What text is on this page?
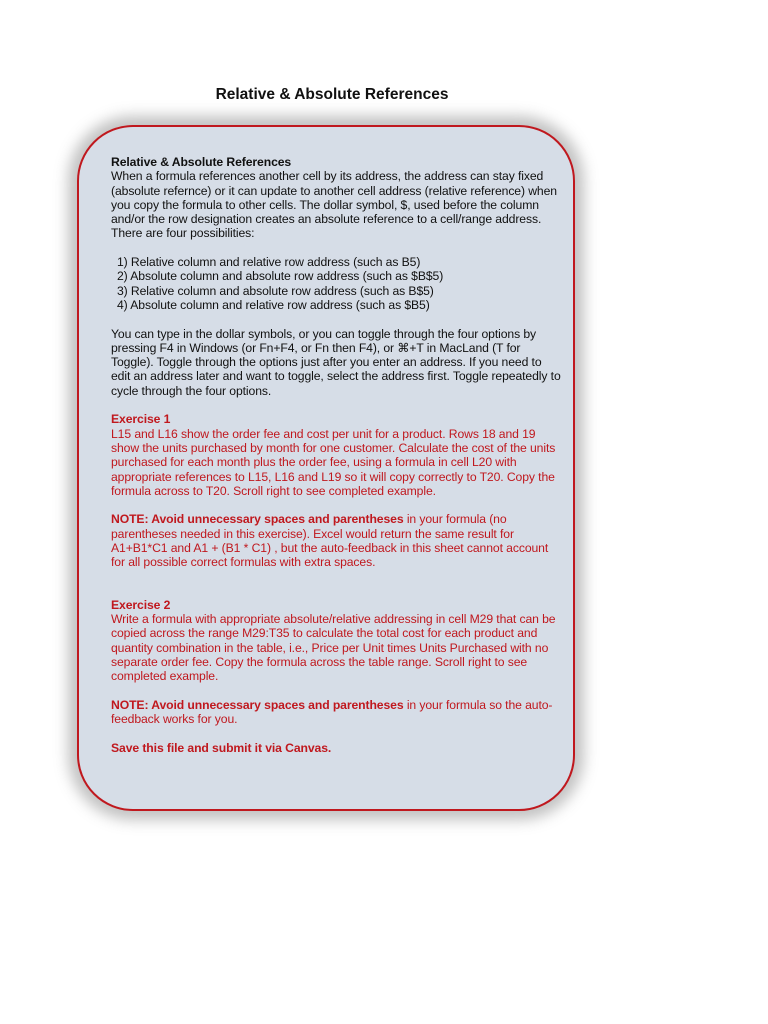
Relative & Absolute References

Relative & Absolute References
When a formula references another cell by its address, the address can stay fixed (absolute refernce) or it can update to another cell address (relative reference) when you copy the formula to other cells. The dollar symbol, $, used before the column and/or the row designation creates an absolute reference to a cell/range address. There are four possibilities:

1) Relative column and relative row address (such as B5)
2) Absolute column and absolute row address (such as $B$5)
3) Relative column and absolute row address (such as B$5)
4) Absolute column and relative row address (such as $B5)

You can type in the dollar symbols, or you can toggle through the four options by pressing F4 in Windows (or Fn+F4, or Fn then F4), or ⌘+T in MacLand (T for Toggle). Toggle through the options just after you enter an address. If you need to edit an address later and want to toggle, select the address first. Toggle repeatedly to cycle through the four options.

Exercise 1
L15 and L16 show the order fee and cost per unit for a product. Rows 18 and 19 show the units purchased by month for one customer. Calculate the cost of the units purchased for each month plus the order fee, using a formula in cell L20 with appropriate references to L15, L16 and L19 so it will copy correctly to T20. Copy the formula across to T20. Scroll right to see completed example.

NOTE: Avoid unnecessary spaces and parentheses in your formula (no parentheses needed in this exercise). Excel would return the same result for A1+B1*C1 and A1 + (B1 * C1) , but the auto-feedback in this sheet cannot account for all possible correct formulas with extra spaces.

Exercise 2
Write a formula with appropriate absolute/relative addressing in cell M29 that can be copied across the range M29:T35 to calculate the total cost for each product and quantity combination in the table, i.e., Price per Unit times Units Purchased with no separate order fee. Copy the formula across the table range. Scroll right to see completed example.

NOTE: Avoid unnecessary spaces and parentheses in your formula so the auto-feedback works for you.

Save this file and submit it via Canvas.
